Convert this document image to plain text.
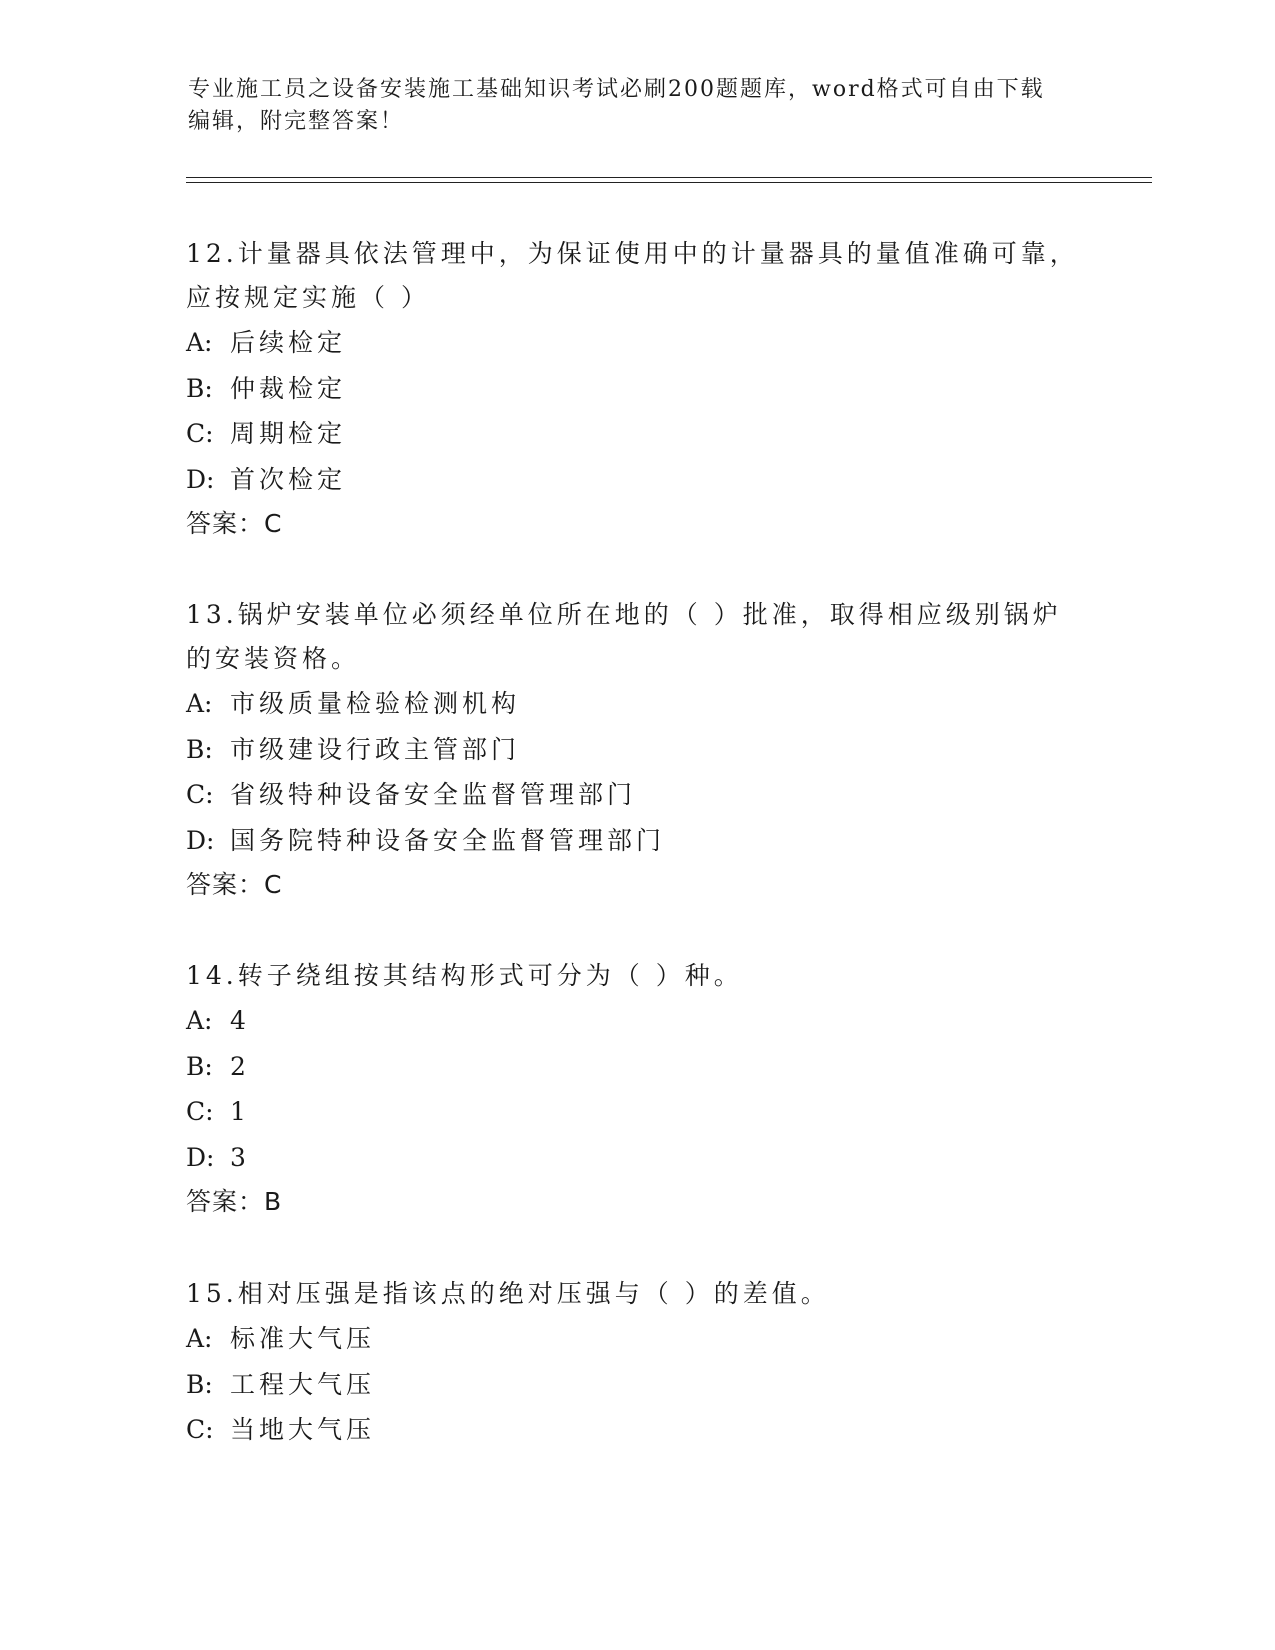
专业施工员之设备安装施工基础知识考试必刷200题题库，word格式可自由下载编辑，附完整答案！

12.计量器具依法管理中，为保证使用中的计量器具的量值准确可靠，应按规定实施（ ）

A: 后续检定

B: 仲裁检定

C: 周期检定

D: 首次检定

答案：C

13.锅炉安装单位必须经单位所在地的（ ）批准，取得相应级别锅炉的安装资格。

A: 市级质量检验检测机构

B: 市级建设行政主管部门

C: 省级特种设备安全监督管理部门

D: 国务院特种设备安全监督管理部门

答案：C

14.转子绕组按其结构形式可分为（ ）种。

A: 4

B: 2

C: 1

D: 3

答案：B

15.相对压强是指该点的绝对压强与（ ）的差值。

A: 标准大气压

B: 工程大气压

C: 当地大气压
